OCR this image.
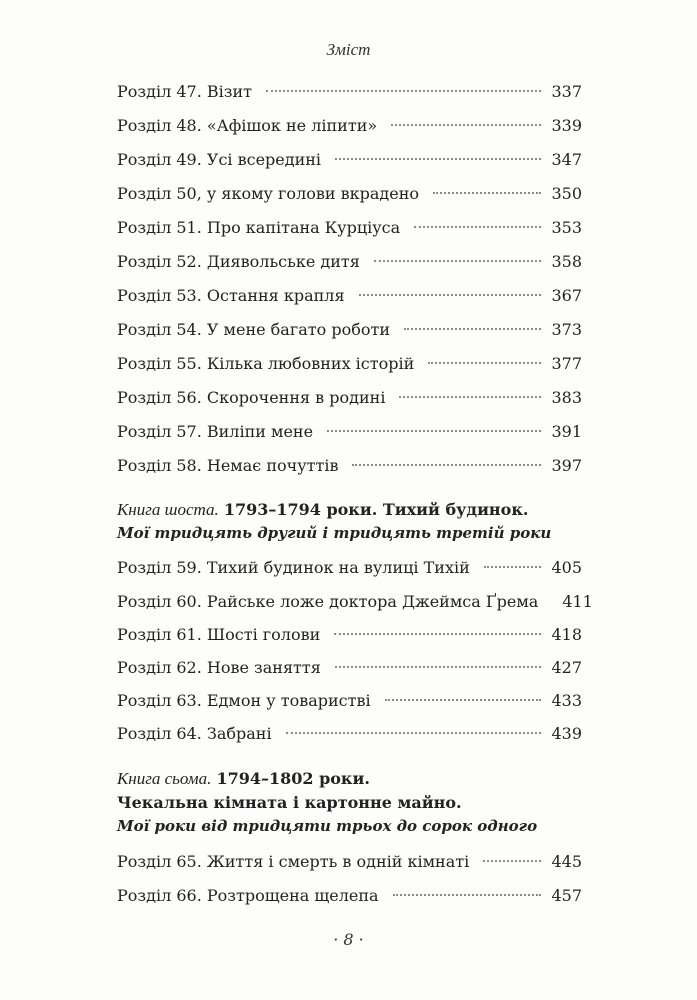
Зміст
Розділ 47. Візит	337
Розділ 48. «Афішок не ліпити»	339
Розділ 49. Усі всередині	347
Розділ 50, у якому голови вкрадено	350
Розділ 51. Про капітана Курціуса	353
Розділ 52. Диявольське дитя	358
Розділ 53. Остання крапля	367
Розділ 54. У мене багато роботи	373
Розділ 55. Кілька любовних історій	377
Розділ 56. Скорочення в родині	383
Розділ 57. Виліпи мене	391
Розділ 58. Немає почуттів	397
Книга шоста. 1793–1794 роки. Тихий будинок.
Мої тридцять другий і тридцять третій роки
Розділ 59. Тихий будинок на вулиці Тихій	405
Розділ 60. Райське ложе доктора Джеймса Ґрема 411
Розділ 61. Шості голови	418
Розділ 62. Нове заняття	427
Розділ 63. Едмон у товаристві	433
Розділ 64. Забрані	439
Книга сьома. 1794–1802 роки.
Чекальна кімната і картонне майно.
Мої роки від тридцяти трьох до сорок одного
Розділ 65. Життя і смерть в одній кімнаті	445
Розділ 66. Розтрощена щелепа	457
· 8 ·
